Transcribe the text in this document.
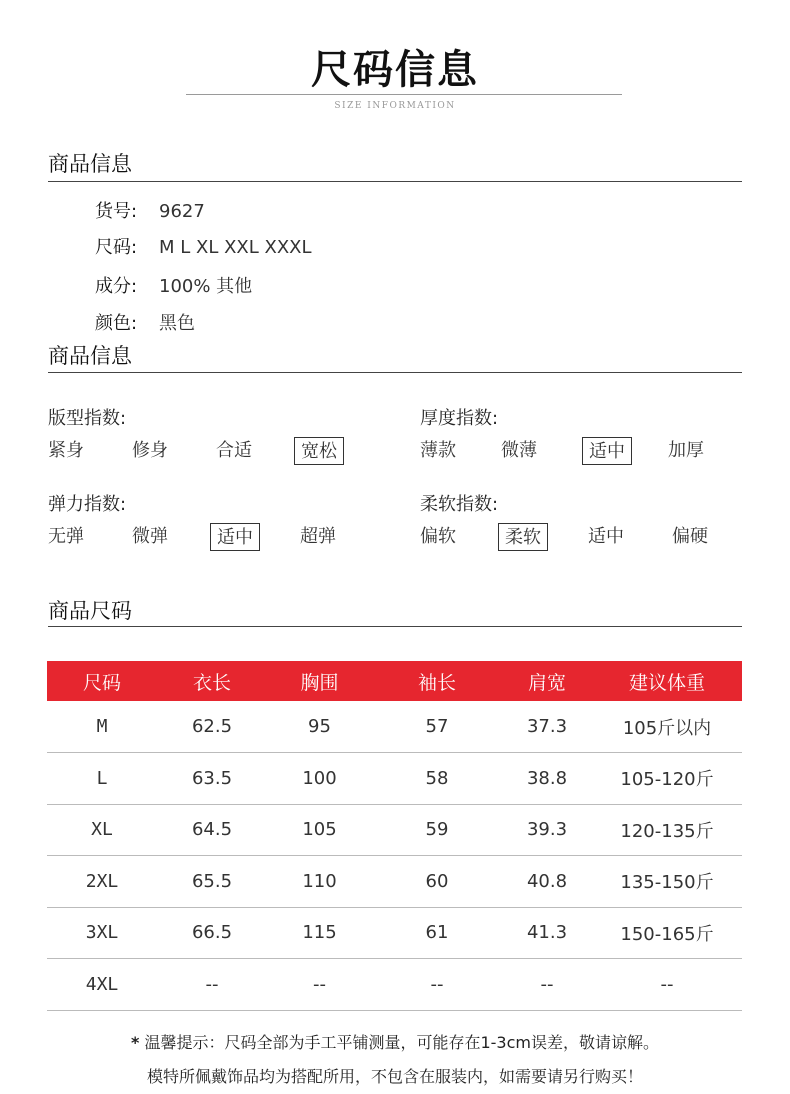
尺码信息
SIZE INFORMATION
商品信息
货号: 9627
尺码: M L XL XXL XXXL
成分: 100% 其他
颜色: 黑色
商品信息
版型指数:
紧身	修身	合适	宽松
厚度指数:
薄款	微薄	适中	加厚
弹力指数:
无弹	微弹	适中	超弹
柔软指数:
偏软	柔软	适中	偏硬
商品尺码
尺码	衣长	胸围	袖长	肩宽	建议体重
M	62.5	95	57	37.3	105斤以内
L	63.5	100	58	38.8	105-120斤
XL	64.5	105	59	39.3	120-135斤
2XL	65.5	110	60	40.8	135-150斤
3XL	66.5	115	61	41.3	150-165斤
4XL	--	--	--	--	--
* 温馨提示：尺码全部为手工平铺测量，可能存在1-3cm误差，敬请谅解。
模特所佩戴饰品均为搭配所用，不包含在服装内，如需要请另行购买！
